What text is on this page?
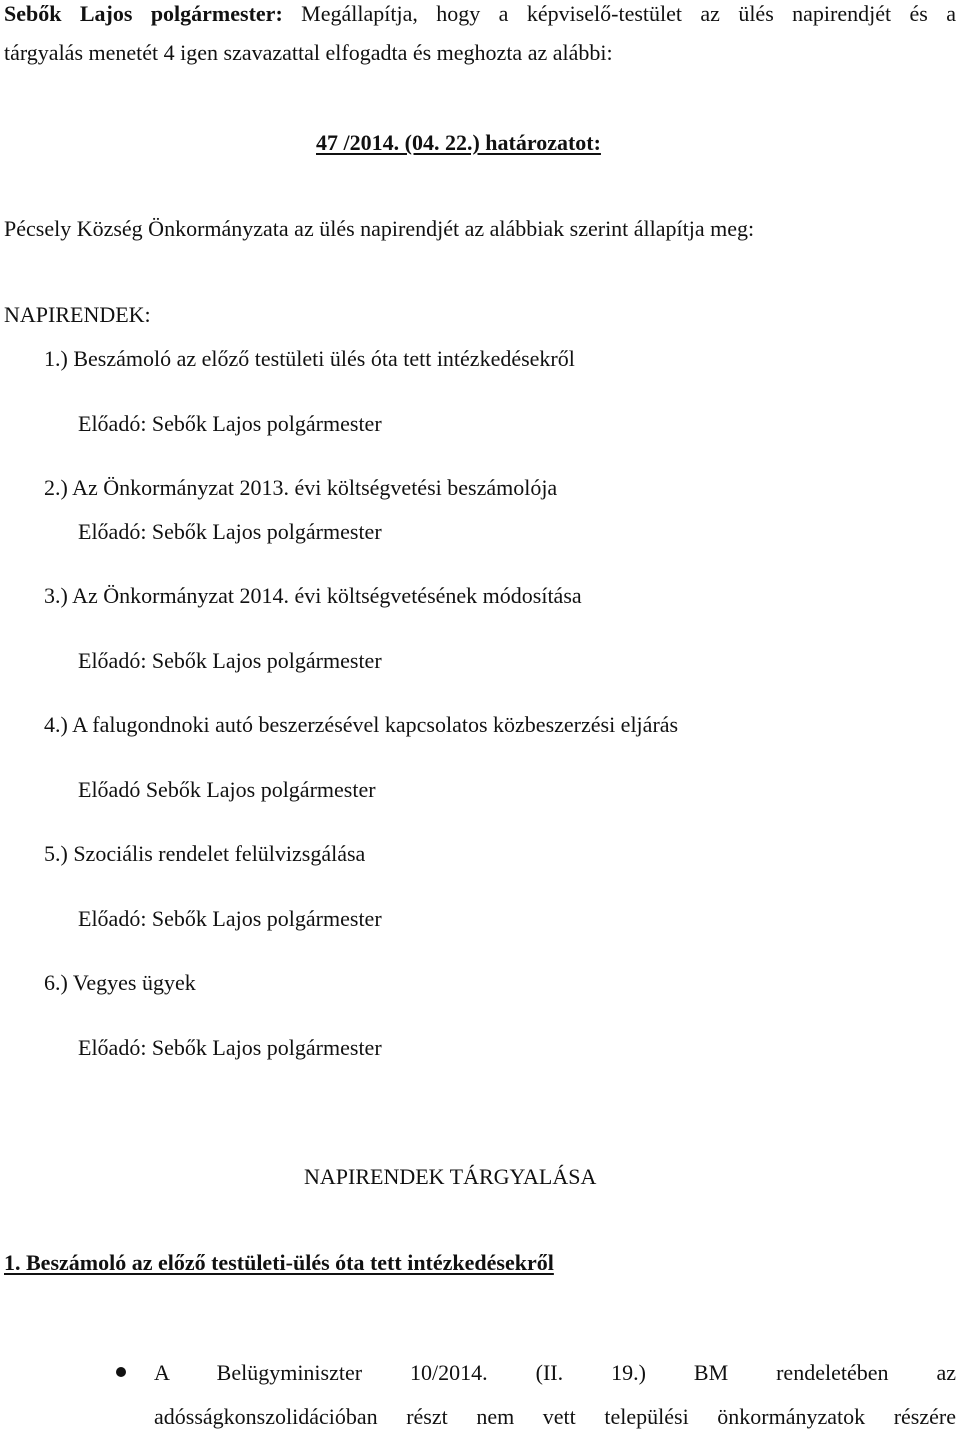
Sebők Lajos polgármester: Megállapítja, hogy a képviselő-testület az ülés napirendjét és a
tárgyalás menetét 4 igen szavazattal elfogadta és meghozta az alábbi:
47 /2014. (04. 22.) határozatot:
Pécsely Község Önkormányzata az ülés napirendjét az alábbiak szerint állapítja meg:
NAPIRENDEK:
1.) Beszámoló az előző testületi ülés óta tett intézkedésekről
Előadó: Sebők Lajos polgármester
2.) Az Önkormányzat 2013. évi költségvetési beszámolója
Előadó: Sebők Lajos polgármester
3.) Az Önkormányzat 2014. évi költségvetésének módosítása
Előadó: Sebők Lajos polgármester
4.) A falugondnoki autó beszerzésével kapcsolatos közbeszerzési eljárás
Előadó Sebők Lajos polgármester
5.) Szociális rendelet felülvizsgálása
Előadó: Sebők Lajos polgármester
6.) Vegyes ügyek
Előadó: Sebők Lajos polgármester
NAPIRENDEK TÁRGYALÁSA
1. Beszámoló az előző testületi-ülés óta tett intézkedésekről
A Belügyminiszter 10/2014. (II. 19.) BM rendeletében az
adósságkonszolidációban részt nem vett települési önkormányzatok részére
